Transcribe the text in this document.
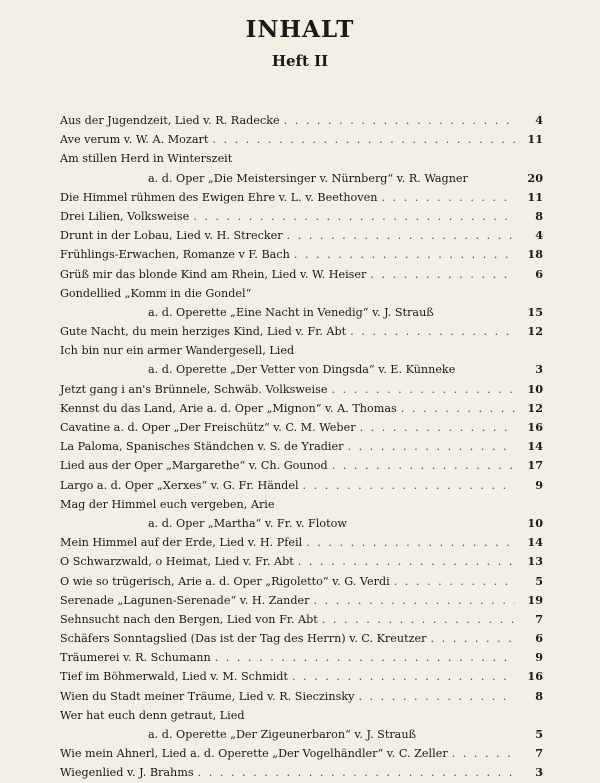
INHALT
Heft II
Aus der Jugendzeit, Lied v. R. Radecke . . .	4
Ave verum v. W. A. Mozart . . .	11
Am stillen Herd in Winterszeit
a. d. Oper „Die Meistersinger v. Nürnberg“ v. R. Wagner	20
Die Himmel rühmen des Ewigen Ehre v. L. v. Beethoven . . .	11
Drei Lilien, Volksweise . . .	8
Drunt in der Lobau, Lied v. H. Strecker . . .	4
Frühlings-Erwachen, Romanze v F. Bach . . .	18
Grüß mir das blonde Kind am Rhein, Lied v. W. Heiser . . .	6
Gondellied „Komm in die Gondel“
a. d. Operette „Eine Nacht in Venedig“ v. J. Strauß	15
Gute Nacht, du mein herziges Kind, Lied v. Fr. Abt . . .	12
Ich bin nur ein armer Wandergesell, Lied
a. d. Operette „Der Vetter von Dingsda“ v. E. Künneke	3
Jetzt gang i an's Brünnele, Schwäb. Volksweise . . .	10
Kennst du das Land, Arie a. d. Oper „Mignon“ v. A. Thomas . . .	12
Cavatine a. d. Oper „Der Freischütz“ v. C. M. Weber . . .	16
La Paloma, Spanisches Ständchen v. S. de Yradier . . .	14
Lied aus der Oper „Margarethe“ v. Ch. Gounod . . .	17
Largo a. d. Oper „Xerxes“ v. G. Fr. Händel . . .	9
Mag der Himmel euch vergeben, Arie
a. d. Oper „Martha“ v. Fr. v. Flotow	10
Mein Himmel auf der Erde, Lied v. H. Pfeil . . .	14
O Schwarzwald, o Heimat, Lied v. Fr. Abt . . .	13
O wie so trügerisch, Arie a. d. Oper „Rigoletto“ v. G. Verdi . . .	5
Serenade „Lagunen-Serenade“ v. H. Zander . . .	19
Sehnsucht nach den Bergen, Lied von Fr. Abt . . .	7
Schäfers Sonntagslied (Das ist der Tag des Herrn) v. C. Kreutzer . . .	6
Träumerei v. R. Schumann . . .	9
Tief im Böhmerwald, Lied v. M. Schmidt . . .	16
Wien du Stadt meiner Träume, Lied v. R. Sieczinsky . . .	8
Wer hat euch denn getraut, Lied
a. d. Operette „Der Zigeunerbaron“ v. J. Strauß	5
Wie mein Ahnerl, Lied a. d. Operette „Der Vogelhändler“ v. C. Zeller . . .	7
Wiegenlied v. J. Brahms . . .	3
